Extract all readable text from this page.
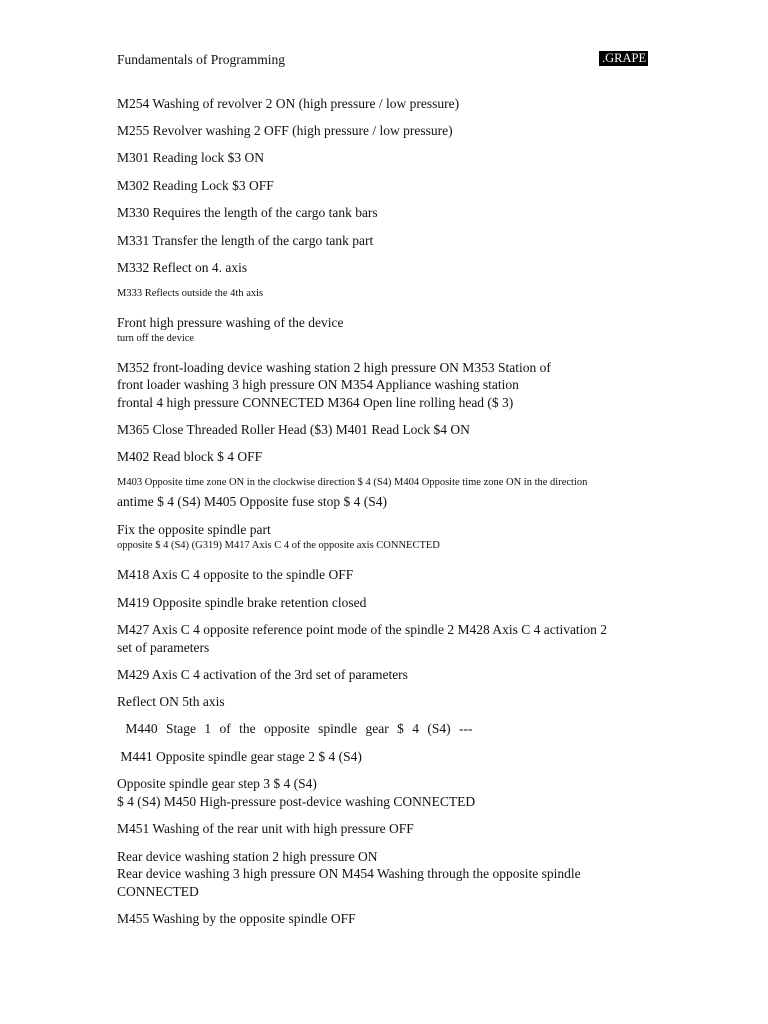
Fundamentals of Programming	.GRAPE
M254 Washing of revolver 2 ON (high pressure / low pressure)
M255 Revolver washing 2 OFF (high pressure / low pressure)
M301 Reading lock $3 ON
M302 Reading Lock $3 OFF
M330 Requires the length of the cargo tank bars
M331 Transfer the length of the cargo tank part
M332 Reflect on 4. axis
M333 Reflects outside the 4th axis
Front high pressure washing of the device
turn off the device
M352 front-loading device washing station 2 high pressure ON M353 Station of
front loader washing 3 high pressure ON M354 Appliance washing station
frontal 4 high pressure CONNECTED M364 Open line rolling head ($ 3)
M365 Close Threaded Roller Head ($3) M401 Read Lock $4 ON
M402 Read block $ 4 OFF
M403 Opposite time zone ON in the clockwise direction $ 4 (S4) M404 Opposite time zone ON in the direction
antime $ 4 (S4) M405 Opposite fuse stop $ 4 (S4)
Fix the opposite spindle part
opposite $ 4 (S4) (G319) M417 Axis C 4 of the opposite axis CONNECTED
M418 Axis C 4 opposite to the spindle OFF
M419 Opposite spindle brake retention closed
M427 Axis C 4 opposite reference point mode of the spindle 2 M428 Axis C 4 activation 2
set of parameters
M429 Axis C 4 activation of the 3rd set of parameters
Reflect ON 5th axis
M440 Stage 1 of the opposite spindle gear $ 4 (S4) ---
M441 Opposite spindle gear stage 2 $ 4 (S4)
Opposite spindle gear step 3 $ 4 (S4)
$ 4 (S4) M450 High-pressure post-device washing CONNECTED
M451 Washing of the rear unit with high pressure OFF
Rear device washing station 2 high pressure ON
Rear device washing 3 high pressure ON M454 Washing through the opposite spindle
CONNECTED
M455 Washing by the opposite spindle OFF
